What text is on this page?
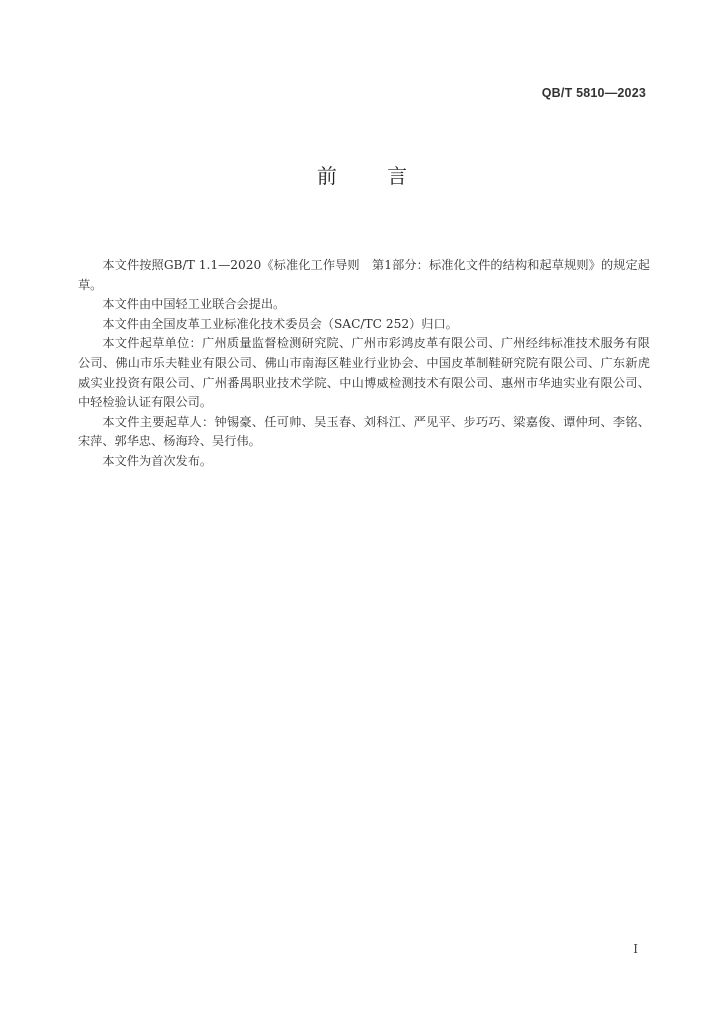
QB/T 5810—2023
前 言

本文件按照GB/T 1.1—2020《标准化工作导则　第1部分：标准化文件的结构和起草规则》的规定起草。

本文件由中国轻工业联合会提出。

本文件由全国皮革工业标准化技术委员会（SAC/TC 252）归口。

本文件起草单位：广州质量监督检测研究院、广州市彩鸿皮革有限公司、广州经纬标准技术服务有限公司、佛山市乐夫鞋业有限公司、佛山市南海区鞋业行业协会、中国皮革制鞋研究院有限公司、广东新虎威实业投资有限公司、广州番禺职业技术学院、中山博威检测技术有限公司、惠州市华迪实业有限公司、中轻检验认证有限公司。

本文件主要起草人：钟锡豪、任可帅、吴玉春、刘科江、严见平、步巧巧、梁嘉俊、谭仲珂、李铭、宋萍、郭华忠、杨海玲、吴行伟。

本文件为首次发布。

I
